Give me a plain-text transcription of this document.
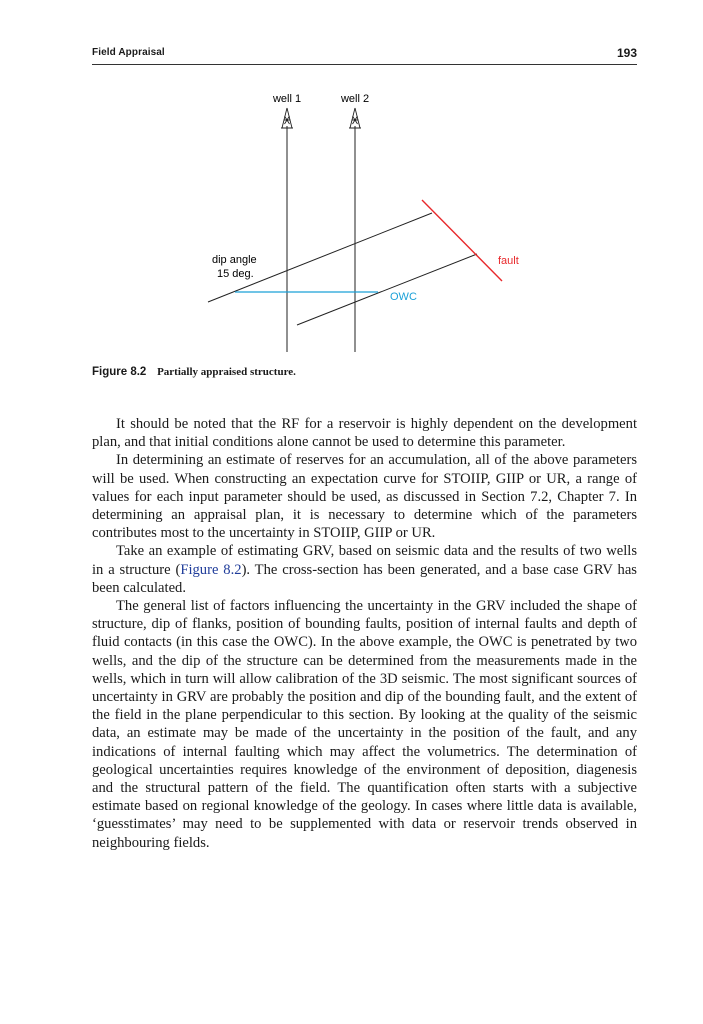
Field Appraisal	193
well 1	well 2
OWC
fault
dip angle
15 deg.
Figure 8.2 Partially appraised structure.

It should be noted that the RF for a reservoir is highly dependent on the development plan, and that initial conditions alone cannot be used to determine this parameter.

In determining an estimate of reserves for an accumulation, all of the above parameters will be used. When constructing an expectation curve for STOIIP, GIIP or UR, a range of values for each input parameter should be used, as discussed in Section 7.2, Chapter 7. In determining an appraisal plan, it is necessary to determine which of the parameters contributes most to the uncertainty in STOIIP, GIIP or UR.

Take an example of estimating GRV, based on seismic data and the results of two wells in a structure (Figure 8.2). The cross-section has been generated, and a base case GRV has been calculated.

The general list of factors influencing the uncertainty in the GRV included the shape of structure, dip of flanks, position of bounding faults, position of internal faults and depth of fluid contacts (in this case the OWC). In the above example, the OWC is penetrated by two wells, and the dip of the structure can be determined from the measurements made in the wells, which in turn will allow calibration of the 3D seismic. The most significant sources of uncertainty in GRV are probably the position and dip of the bounding fault, and the extent of the field in the plane perpendicular to this section. By looking at the quality of the seismic data, an estimate may be made of the uncertainty in the position of the fault, and any indications of internal faulting which may affect the volumetrics. The determination of geological uncertainties requires knowledge of the environment of deposition, diagenesis and the structural pattern of the field. The quantification often starts with a subjective estimate based on regional knowledge of the geology. In cases where little data is available, ‘guesstimates’ may need to be supplemented with data or reservoir trends observed in neighbouring fields.
